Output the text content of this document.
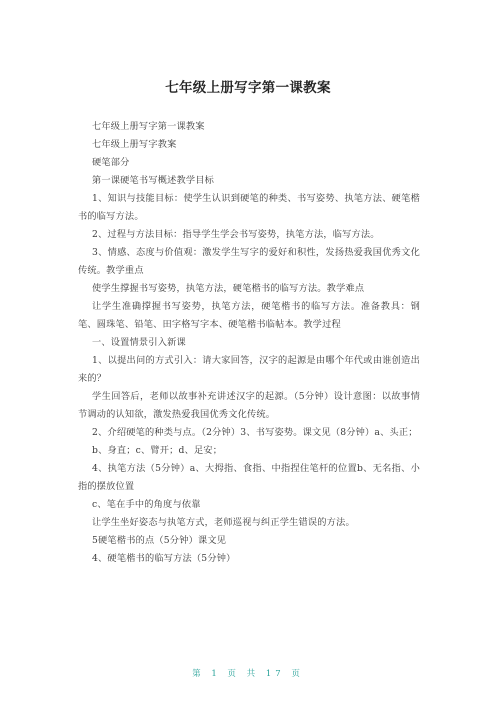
七年级上册写字第一课教案

七年级上册写字第一课教案

七年级上册写字教案

硬笔部分

第一课硬笔书写概述教学目标

1、知识与技能目标：使学生认识到硬笔的种类、书写姿势、执笔方法、硬笔楷书的临写方法。

2、过程与方法目标：指导学生学会书写姿势，执笔方法，临写方法。

3、情感、态度与价值观：激发学生写字的爱好和积性，发扬热爱我国优秀文化传统。教学重点

使学生撑握书写姿势，执笔方法，硬笔楷书的临写方法。教学难点

让学生准确撑握书写姿势，执笔方法，硬笔楷书的临写方法。准备教具：钢笔、圆珠笔、铅笔、田字格写字本、硬笔楷书临帖本。教学过程

一、设置情景引入新课

1、以提出问的方式引入：请大家回答，汉字的起源是由哪个年代或由谁创造出来的？

学生回答后，老师以故事补充讲述汉字的起源。（5分钟）设计意图：以故事情节调动的认知欲，激发热爱我国优秀文化传统。

2、介绍硬笔的种类与点。（2分钟）3、书写姿势。课文见（8分钟）a、头正；

b、身直；c、臂开；d、足安；

4、执笔方法（5分钟）a、大拇指、食指、中指捏住笔杆的位置b、无名指、小指的摆放位置

c、笔在手中的角度与依靠

让学生坐好姿态与执笔方式，老师巡视与纠正学生错误的方法。

5硬笔楷书的点（5分钟）课文见

4、硬笔楷书的临写方法（5分钟）

第 1 页 共 17 页
